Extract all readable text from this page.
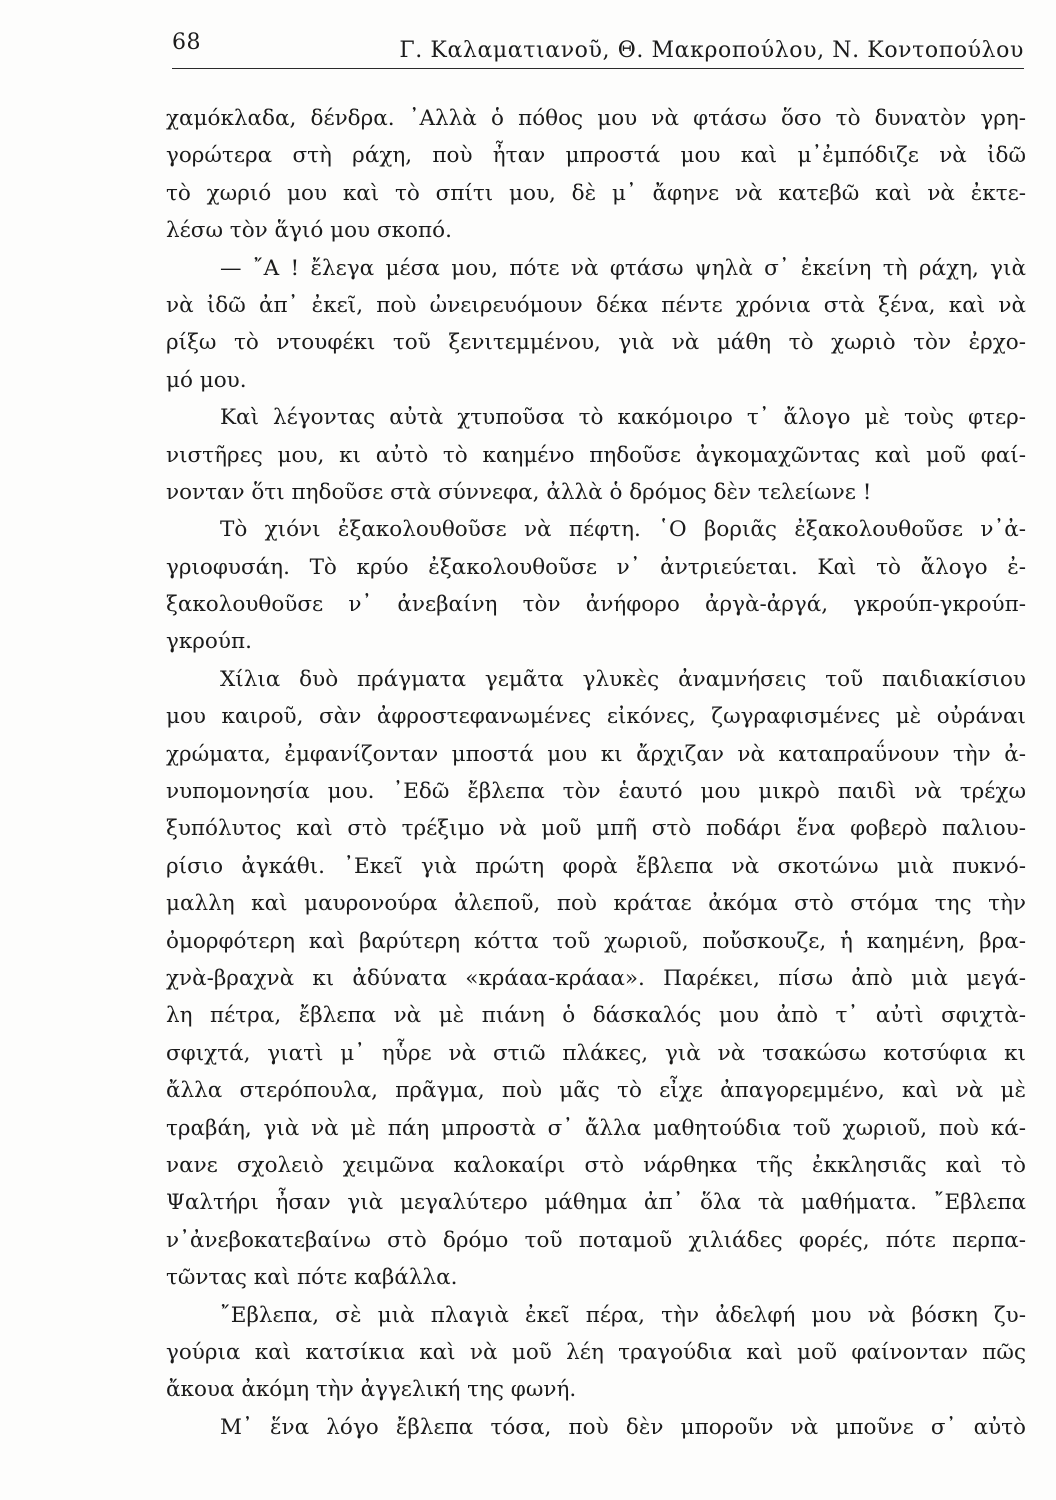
68	Γ. Καλαματιανοῦ, Θ. Μακροπούλου, Ν. Κοντοπούλου
χαμόκλαδα, δένδρα. ᾿Αλλὰ ὁ πόθος μου νὰ φτάσω ὅσο τὸ δυνατὸν γρη-
γορώτερα στὴ ράχη, ποὺ ἦταν μπροστά μου καὶ μ᾿ἐμπόδιζε νὰ ἰδῶ
τὸ χωριό μου καὶ τὸ σπίτι μου, δὲ μ᾿ ἄφηνε νὰ κατεβῶ καὶ νὰ ἐκτε-
λέσω τὸν ἅγιό μου σκοπό.
— ῎Α ! ἔλεγα μέσα μου, πότε νὰ φτάσω ψηλὰ σ᾿ ἐκείνη τὴ ράχη, γιὰ
νὰ ἰδῶ ἀπ᾿ ἐκεῖ, ποὺ ὠνειρευόμουν δέκα πέντε χρόνια στὰ ξένα, καὶ νὰ
ρίξω τὸ ντουφέκι τοῦ ξενιτεμμένου, γιὰ νὰ μάθη τὸ χωριὸ τὸν ἐρχο-
μό μου.
Καὶ λέγοντας αὐτὰ χτυποῦσα τὸ κακόμοιρο τ᾿ ἄλογο μὲ τοὺς φτερ-
νιστῆρες μου, κι αὐτὸ τὸ καημένο πηδοῦσε ἀγκομαχῶντας καὶ μοῦ φαί-
νονταν ὅτι πηδοῦσε στὰ σύννεφα, ἀλλὰ ὁ δρόμος δὲν τελείωνε !
Τὸ χιόνι ἐξακολουθοῦσε νὰ πέφτη. ῾Ο βοριᾶς ἐξακολουθοῦσε ν᾿ἀ-
γριοφυσάη. Τὸ κρύο ἐξακολουθοῦσε ν᾿ ἀντριεύεται. Καὶ τὸ ἄλογο ἐ-
ξακολουθοῦσε ν᾿ ἀνεβαίνη τὸν ἀνήφορο ἀργὰ-ἀργά, γκρούπ-γκρούπ-
γκρούπ.
Χίλια δυὸ πράγματα γεμᾶτα γλυκὲς ἀναμνήσεις τοῦ παιδιακίσιου
μου καιροῦ, σὰν ἀφροστεφανωμένες εἰκόνες, ζωγραφισμένες μὲ οὐράναι
χρώματα, ἐμφανίζονταν μποστά μου κι ἄρχιζαν νὰ καταπραΰνουν τὴν ἀ-
νυπομονησία μου. ᾿Εδῶ ἔβλεπα τὸν ἑαυτό μου μικρὸ παιδὶ νὰ τρέχω
ξυπόλυτος καὶ στὸ τρέξιμο νὰ μοῦ μπῆ στὸ ποδάρι ἕνα φοβερὸ παλιου-
ρίσιο ἀγκάθι. ᾿Εκεῖ γιὰ πρώτη φορὰ ἔβλεπα νὰ σκοτώνω μιὰ πυκνό-
μαλλη καὶ μαυρονούρα ἀλεποῦ, ποὺ κράταε ἀκόμα στὸ στόμα της τὴν
ὀμορφότερη καὶ βαρύτερη κόττα τοῦ χωριοῦ, ποὔσκουζε, ἡ καημένη, βρα-
χνὰ-βραχνὰ κι ἀδύνατα «κράαα-κράαα». Παρέκει, πίσω ἀπὸ μιὰ μεγά-
λη πέτρα, ἔβλεπα νὰ μὲ πιάνη ὁ δάσκαλός μου ἀπὸ τ᾿ αὐτὶ σφιχτὰ-
σφιχτά, γιατὶ μ᾿ ηὗρε νὰ στιῶ πλάκες, γιὰ νὰ τσακώσω κοτσύφια κι
ἄλλα στερόπουλα, πρᾶγμα, ποὺ μᾶς τὸ εἶχε ἀπαγορεμμένο, καὶ νὰ μὲ
τραβάη, γιὰ νὰ μὲ πάη μπροστὰ σ᾿ ἄλλα μαθητούδια τοῦ χωριοῦ, ποὺ κά-
νανε σχολειὸ χειμῶνα καλοκαίρι στὸ νάρθηκα τῆς ἐκκλησιᾶς καὶ τὸ
Ψαλτήρι ἦσαν γιὰ μεγαλύτερο μάθημα ἀπ᾿ ὅλα τὰ μαθήματα. ῎Εβλεπα
ν᾿ἀνεβοκατεβαίνω στὸ δρόμο τοῦ ποταμοῦ χιλιάδες φορές, πότε περπα-
τῶντας καὶ πότε καβάλλα.
῎Εβλεπα, σὲ μιὰ πλαγιὰ ἐκεῖ πέρα, τὴν ἀδελφή μου νὰ βόσκη ζυ-
γούρια καὶ κατσίκια καὶ νὰ μοῦ λέη τραγούδια καὶ μοῦ φαίνονταν πῶς
ἄκουα ἀκόμη τὴν ἀγγελική της φωνή.
Μ᾿ ἕνα λόγο ἔβλεπα τόσα, ποὺ δὲν μποροῦν νὰ μποῦνε σ᾿ αὐτὸ
